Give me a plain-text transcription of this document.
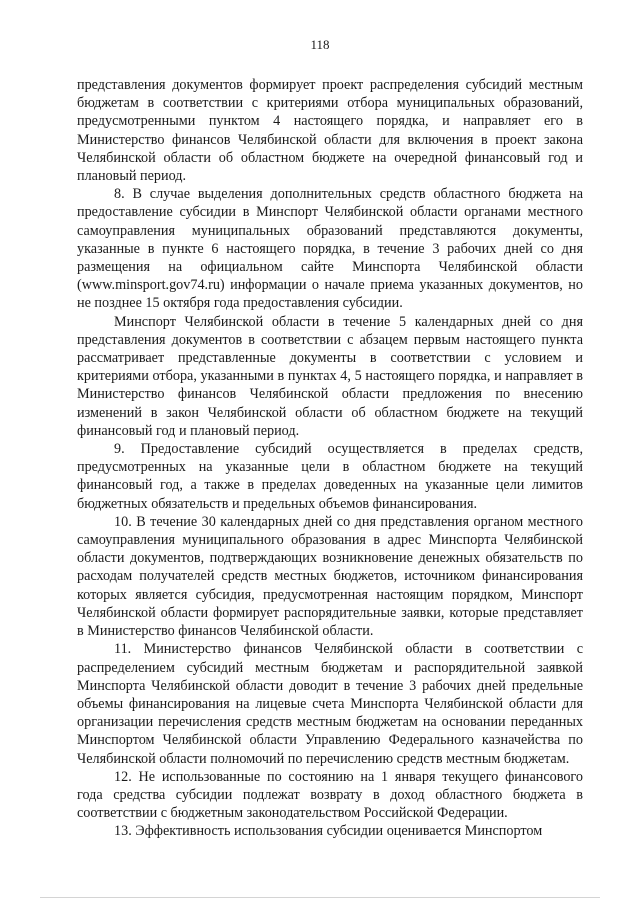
118

представления документов формирует проект распределения субсидий местным бюджетам в соответствии с критериями отбора муниципальных образований, предусмотренными пунктом 4 настоящего порядка, и направляет его в Министерство финансов Челябинской области для включения в проект закона Челябинской области об областном бюджете на очередной финансовый год и плановый период.

8. В случае выделения дополнительных средств областного бюджета на предоставление субсидии в Минспорт Челябинской области органами местного самоуправления муниципальных образований представляются документы, указанные в пункте 6 настоящего порядка, в течение 3 рабочих дней со дня размещения на официальном сайте Минспорта Челябинской области (www.minsport.gov74.ru) информации о начале приема указанных документов, но не позднее 15 октября года предоставления субсидии.

Минспорт Челябинской области в течение 5 календарных дней со дня представления документов в соответствии с абзацем первым настоящего пункта рассматривает представленные документы в соответствии с условием и критериями отбора, указанными в пунктах 4, 5 настоящего порядка, и направляет в Министерство финансов Челябинской области предложения по внесению изменений в закон Челябинской области об областном бюджете на текущий финансовый год и плановый период.

9. Предоставление субсидий осуществляется в пределах средств, предусмотренных на указанные цели в областном бюджете на текущий финансовый год, а также в пределах доведенных на указанные цели лимитов бюджетных обязательств и предельных объемов финансирования.

10. В течение 30 календарных дней со дня представления органом местного самоуправления муниципального образования в адрес Минспорта Челябинской области документов, подтверждающих возникновение денежных обязательств по расходам получателей средств местных бюджетов, источником финансирования которых является субсидия, предусмотренная настоящим порядком, Минспорт Челябинской области формирует распорядительные заявки, которые представляет в Министерство финансов Челябинской области.

11. Министерство финансов Челябинской области в соответствии с распределением субсидий местным бюджетам и распорядительной заявкой Минспорта Челябинской области доводит в течение 3 рабочих дней предельные объемы финансирования на лицевые счета Минспорта Челябинской области для организации перечисления средств местным бюджетам на основании переданных Минспортом Челябинской области Управлению Федерального казначейства по Челябинской области полномочий по перечислению средств местным бюджетам.

12. Не использованные по состоянию на 1 января текущего финансового года средства субсидии подлежат возврату в доход областного бюджета в соответствии с бюджетным законодательством Российской Федерации.

13. Эффективность использования субсидии оценивается Минспортом
